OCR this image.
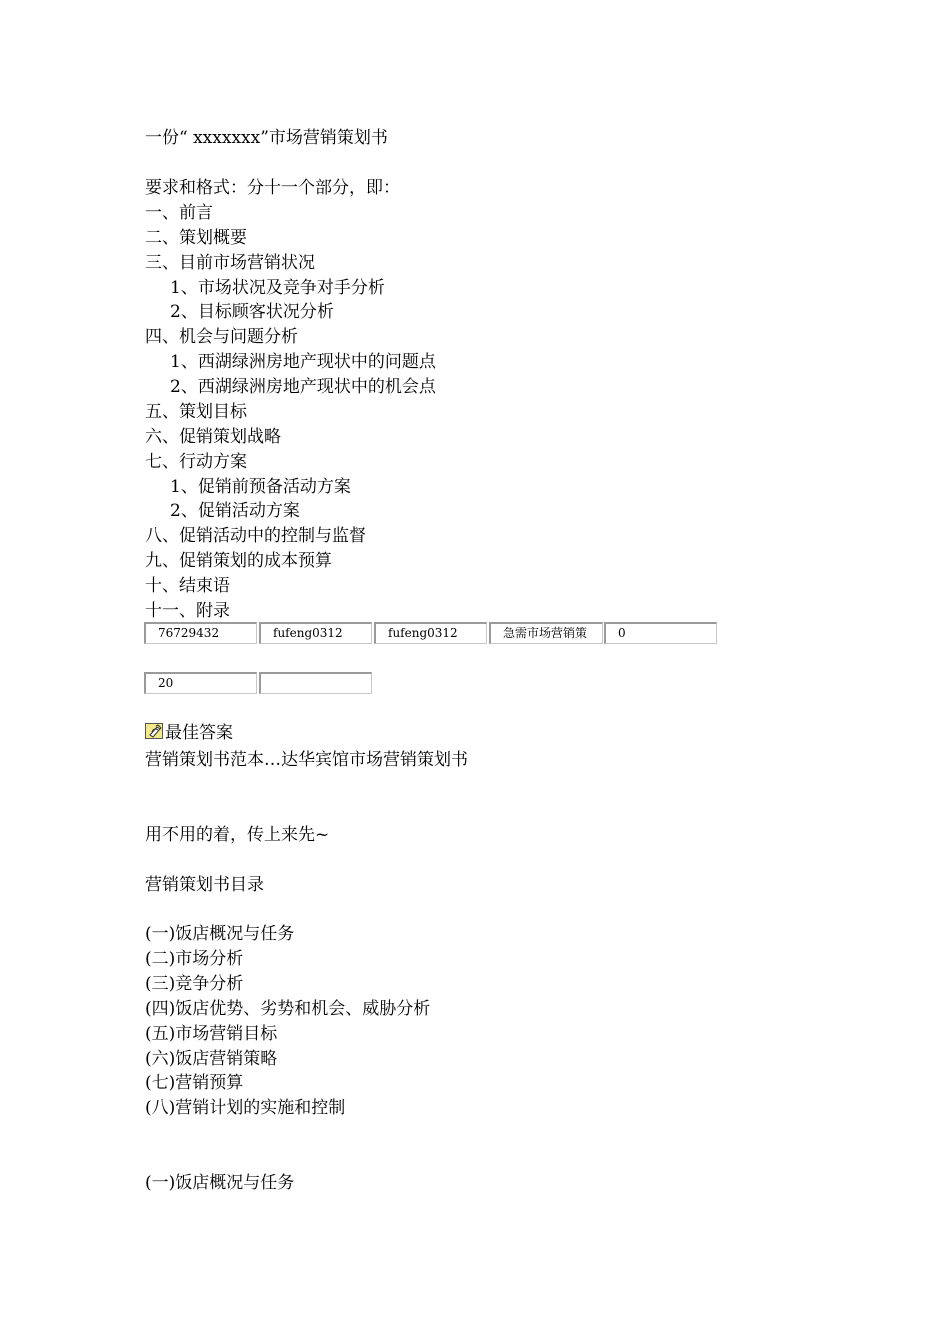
一份“ xxxxxxx”市场营销策划书
要求和格式：分十一个部分，即：
一、前言
二、策划概要
三、目前市场营销状况
1、市场状况及竞争对手分析
2、目标顾客状况分析
四、机会与问题分析
1、西湖绿洲房地产现状中的问题点
2、西湖绿洲房地产现状中的机会点
五、策划目标
六、促销策划战略
七、行动方案
1、促销前预备活动方案
2、促销活动方案
八、促销活动中的控制与监督
九、促销策划的成本预算
十、结束语
十一、附录
76729432	fufeng0312	fufeng0312	急需市场营销策	0
20
最佳答案
营销策划书范本…达华宾馆市场营销策划书
用不用的着，传上来先~
营销策划书目录
(一)饭店概况与任务
(二)市场分析
(三)竞争分析
(四)饭店优势、劣势和机会、威胁分析
(五)市场营销目标
(六)饭店营销策略
(七)营销预算
(八)营销计划的实施和控制
(一)饭店概况与任务
